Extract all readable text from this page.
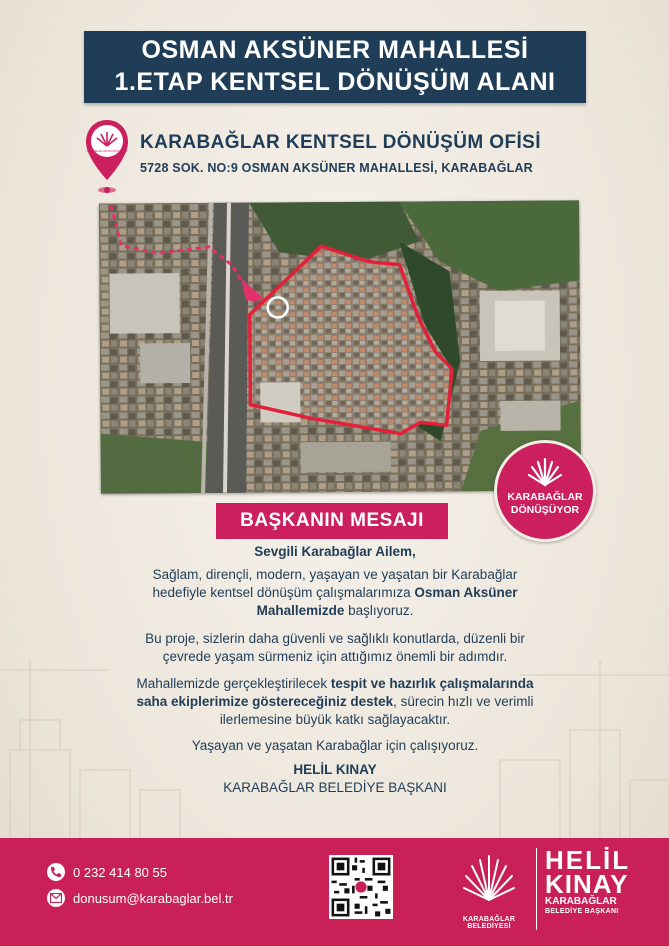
OSMAN AKSÜNER MAHALLESİ
1.ETAP KENTSEL DÖNÜŞÜM ALANI
KARABAĞLAR DÖNÜŞÜYOR KARABAĞLAR KENTSEL DÖNÜŞÜM OFİSİ
5728 SOK. NO:9 OSMAN AKSÜNER MAHALLESİ, KARABAĞLAR
KARABAĞLAR
DÖNÜŞÜYOR
BAŞKANIN MESAJI
Sevgili Karabağlar Ailem,
Sağlam, dirençli, modern, yaşayan ve yaşatan bir Karabağlar
hedefiyle kentsel dönüşüm çalışmalarımıza Osman Aksüner
Mahallemizde başlıyoruz.
Bu proje, sizlerin daha güvenli ve sağlıklı konutlarda, düzenli bir
çevrede yaşam sürmeniz için attığımız önemli bir adımdır.
Mahallemizde gerçekleştirilecek tespit ve hazırlık çalışmalarında
saha ekiplerimize göstereceğiniz destek, sürecin hızlı ve verimli
ilerlemesine büyük katkı sağlayacaktır.
Yaşayan ve yaşatan Karabağlar için çalışıyoruz.
HELİL KINAY
KARABAĞLAR BELEDİYE BAŞKANI
0 232 414 80 55
donusum@karabaglar.bel.tr
KARABAĞLAR BELEDİYESİ
HELİL
KINAY
KARABAĞLAR
BELEDİYE BAŞKANI
